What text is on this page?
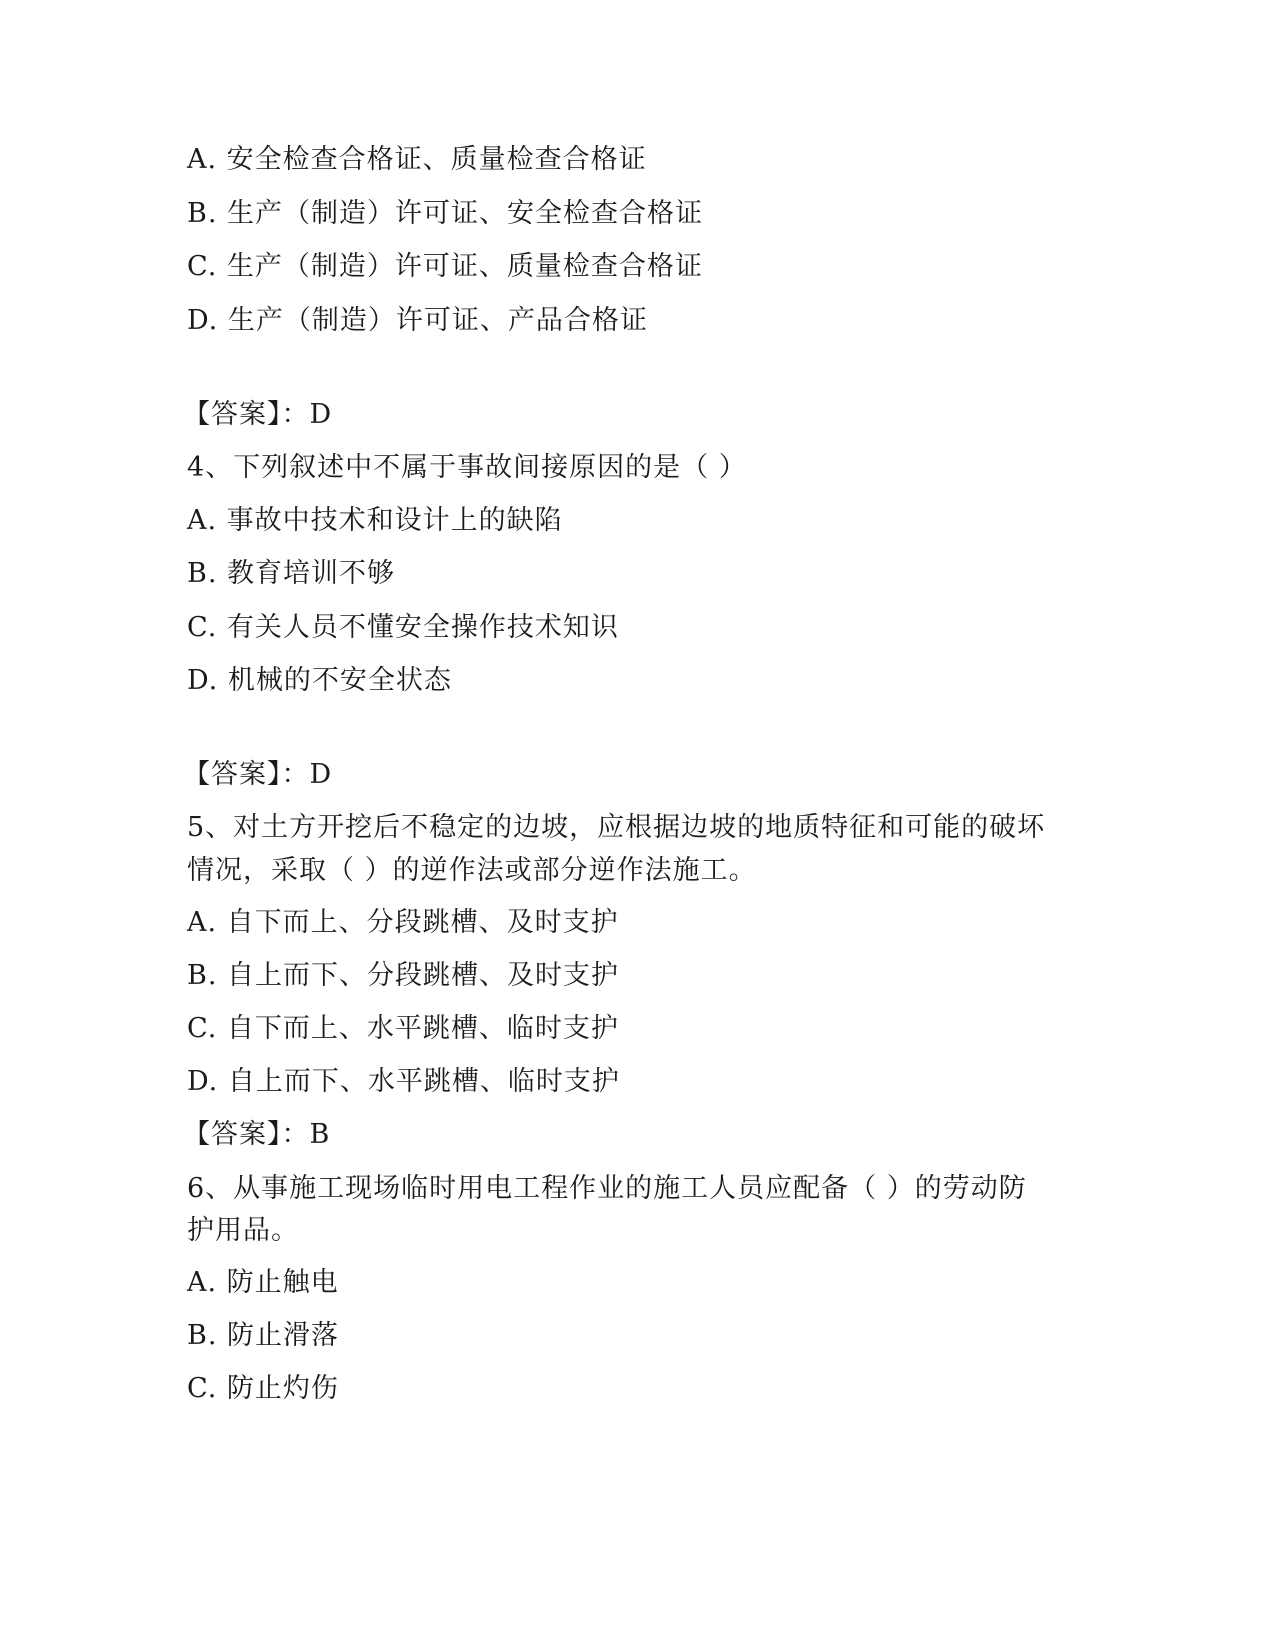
A. 安全检查合格证、质量检查合格证
B. 生产（制造）许可证、安全检查合格证
C. 生产（制造）许可证、质量检查合格证
D. 生产（制造）许可证、产品合格证
【答案】：D
4、下列叙述中不属于事故间接原因的是（ ）
A. 事故中技术和设计上的缺陷
B. 教育培训不够
C. 有关人员不懂安全操作技术知识
D. 机械的不安全状态
【答案】：D
5、对土方开挖后不稳定的边坡，应根据边坡的地质特征和可能的破坏
情况，采取（ ）的逆作法或部分逆作法施工。
A. 自下而上、分段跳槽、及时支护
B. 自上而下、分段跳槽、及时支护
C. 自下而上、水平跳槽、临时支护
D. 自上而下、水平跳槽、临时支护
【答案】：B
6、从事施工现场临时用电工程作业的施工人员应配备（ ）的劳动防
护用品。
A. 防止触电
B. 防止滑落
C. 防止灼伤
